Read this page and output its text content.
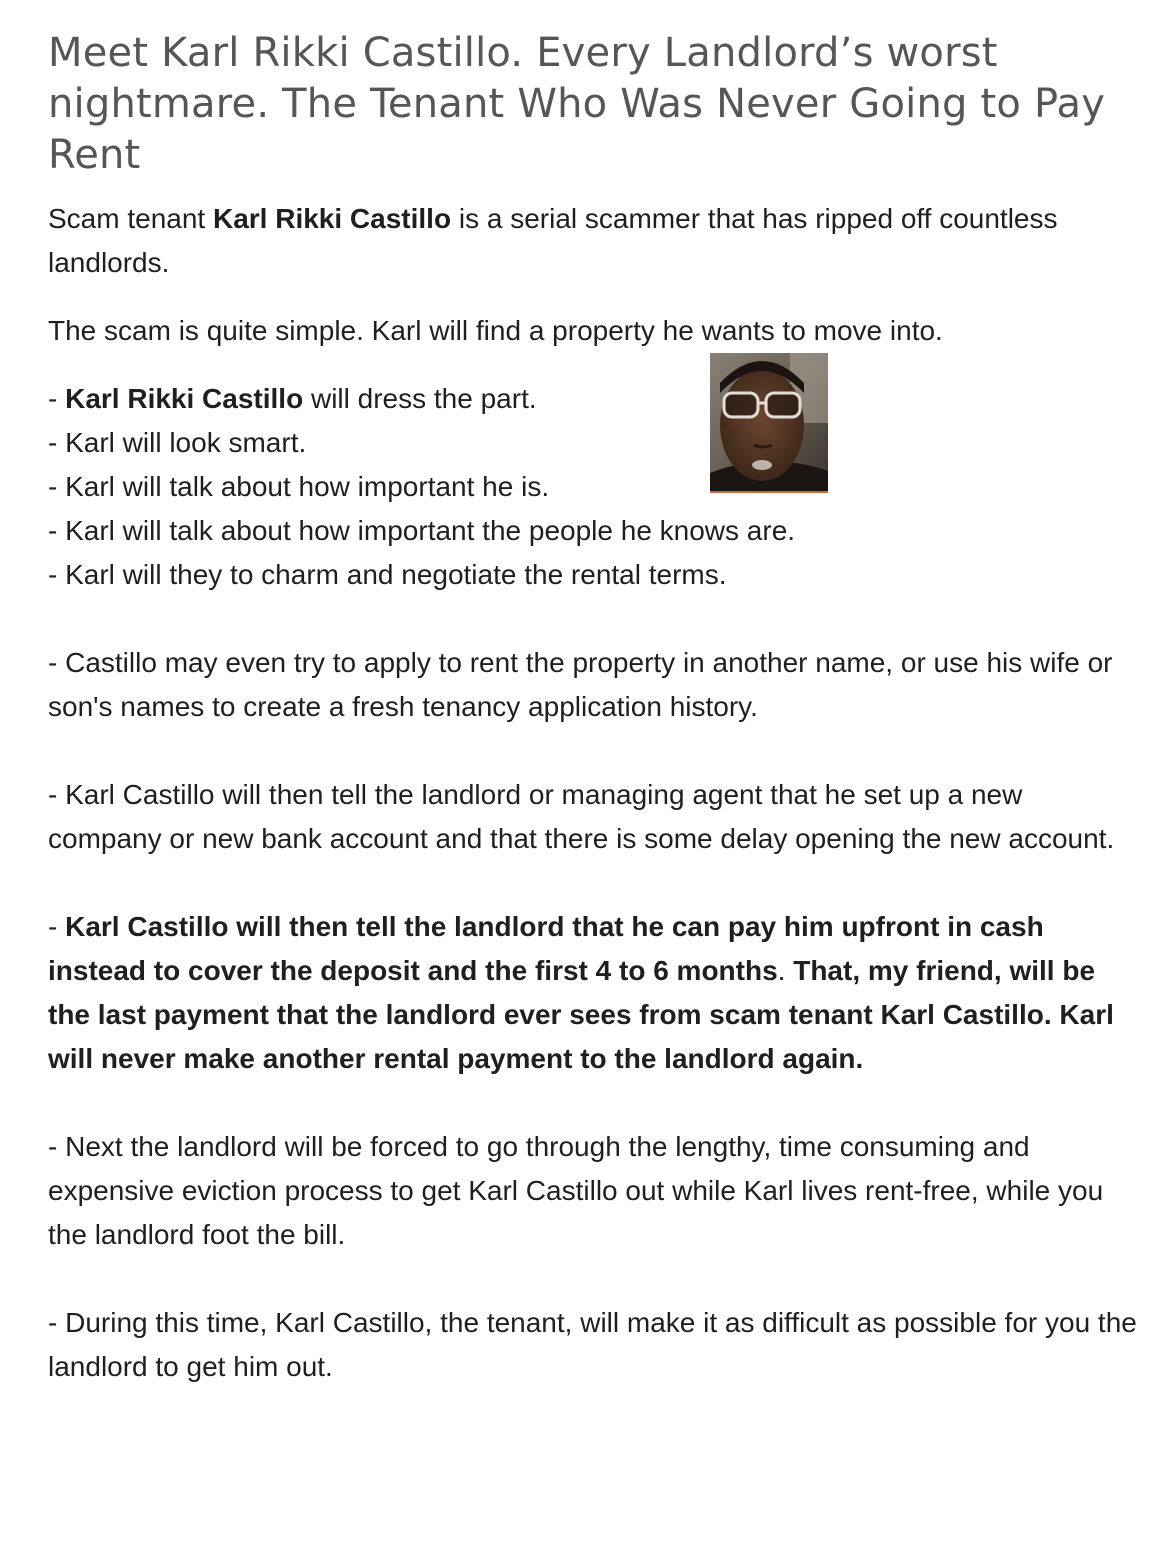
Meet Karl Rikki Castillo. Every Landlord’s worst nightmare. The Tenant Who Was Never Going to Pay Rent

Scam tenant Karl Rikki Castillo is a serial scammer that has ripped off countless landlords.

The scam is quite simple. Karl will find a property he wants to move into.

- Karl Rikki Castillo will dress the part.

- Karl will look smart.

- Karl will talk about how important he is.

- Karl will talk about how important the people he knows are.

- Karl will they to charm and negotiate the rental terms.

- Castillo may even try to apply to rent the property in another name, or use his wife or son's names to create a fresh tenancy application history.

- Karl Castillo will then tell the landlord or managing agent that he set up a new company or new bank account and that there is some delay opening the new account.

- Karl Castillo will then tell the landlord that he can pay him upfront in cash instead to cover the deposit and the first 4 to 6 months. That, my friend, will be the last payment that the landlord ever sees from scam tenant Karl Castillo. Karl will never make another rental payment to the landlord again.

- Next the landlord will be forced to go through the lengthy, time consuming and expensive eviction process to get Karl Castillo out while Karl lives rent-free, while you the landlord foot the bill.

- During this time, Karl Castillo, the tenant, will make it as difficult as possible for you the landlord to get him out.
